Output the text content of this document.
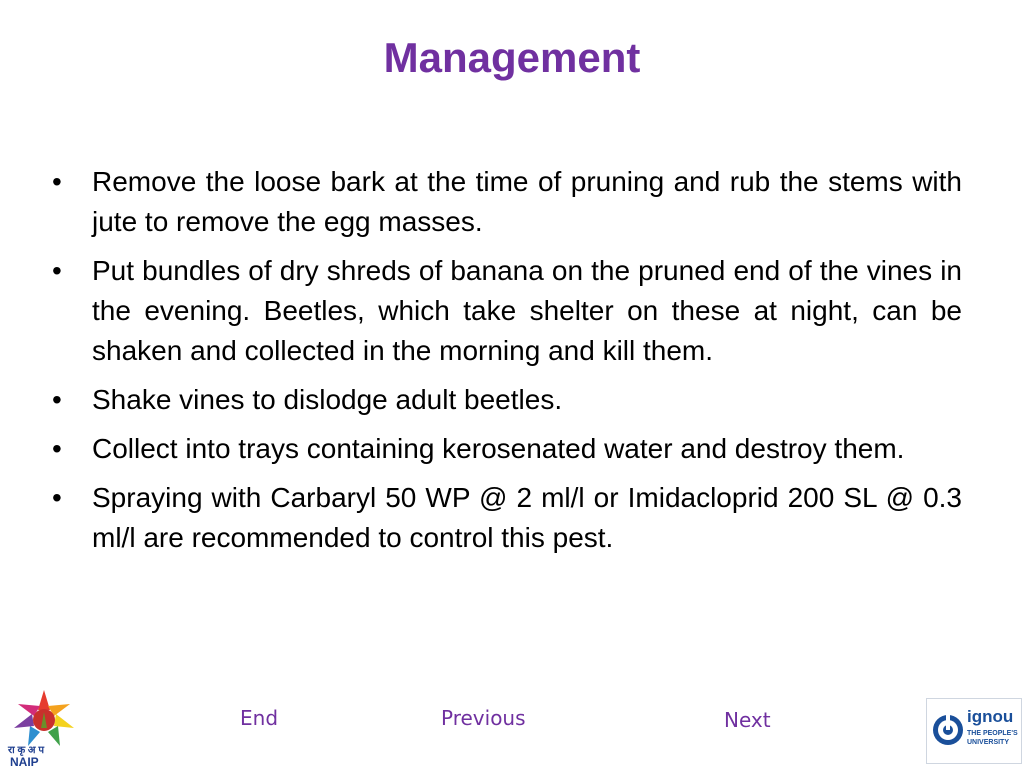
Management
•	Remove the loose bark at the time of pruning and rub the stems with jute to remove the egg masses.
•	Put bundles of dry shreds of banana on the pruned end of the vines in the evening. Beetles, which take shelter on these at night, can be shaken and collected in the morning and kill them.
•	Shake vines to dislodge adult beetles.
•	Collect into trays containing kerosenated water and destroy them.
•	Spraying with Carbaryl 50 WP @ 2 ml/l or Imidacloprid 200 SL @ 0.3 ml/l are recommended to control this pest.
रा कृ अ प
NAIP
End	Previous	Next	ignou
THE PEOPLE'S
UNIVERSITY
